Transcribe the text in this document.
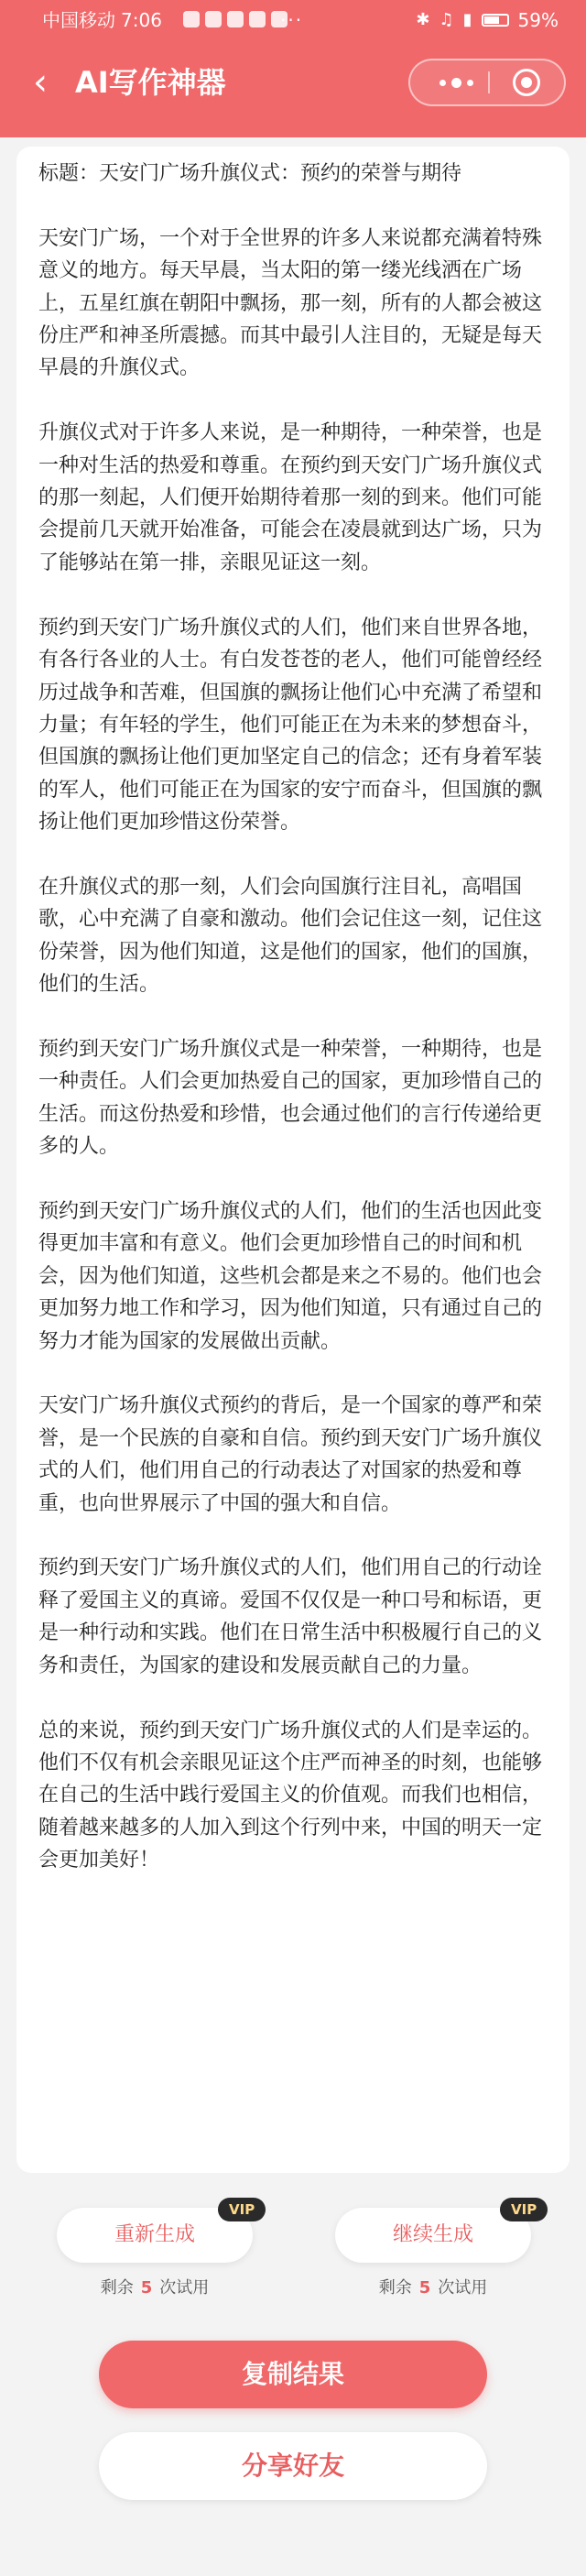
中国移动 7:06	···	✱ ♫ ▮	59%
‹ AI写作神器
标题：天安门广场升旗仪式：预约的荣誉与期待

天安门广场，一个对于全世界的许多人来说都充满着特殊意义的地方。每天早晨，当太阳的第一缕光线洒在广场上，五星红旗在朝阳中飘扬，那一刻，所有的人都会被这份庄严和神圣所震撼。而其中最引人注目的，无疑是每天早晨的升旗仪式。

升旗仪式对于许多人来说，是一种期待，一种荣誉，也是一种对生活的热爱和尊重。在预约到天安门广场升旗仪式的那一刻起，人们便开始期待着那一刻的到来。他们可能会提前几天就开始准备，可能会在凌晨就到达广场，只为了能够站在第一排，亲眼见证这一刻。

预约到天安门广场升旗仪式的人们，他们来自世界各地，有各行各业的人士。有白发苍苍的老人，他们可能曾经经历过战争和苦难，但国旗的飘扬让他们心中充满了希望和力量；有年轻的学生，他们可能正在为未来的梦想奋斗，但国旗的飘扬让他们更加坚定自己的信念；还有身着军装的军人，他们可能正在为国家的安宁而奋斗，但国旗的飘扬让他们更加珍惜这份荣誉。

在升旗仪式的那一刻，人们会向国旗行注目礼，高唱国歌，心中充满了自豪和激动。他们会记住这一刻，记住这份荣誉，因为他们知道，这是他们的国家，他们的国旗，他们的生活。

预约到天安门广场升旗仪式是一种荣誉，一种期待，也是一种责任。人们会更加热爱自己的国家，更加珍惜自己的生活。而这份热爱和珍惜，也会通过他们的言行传递给更多的人。

预约到天安门广场升旗仪式的人们，他们的生活也因此变得更加丰富和有意义。他们会更加珍惜自己的时间和机会，因为他们知道，这些机会都是来之不易的。他们也会更加努力地工作和学习，因为他们知道，只有通过自己的努力才能为国家的发展做出贡献。

天安门广场升旗仪式预约的背后，是一个国家的尊严和荣誉，是一个民族的自豪和自信。预约到天安门广场升旗仪式的人们，他们用自己的行动表达了对国家的热爱和尊重，也向世界展示了中国的强大和自信。

预约到天安门广场升旗仪式的人们，他们用自己的行动诠释了爱国主义的真谛。爱国不仅仅是一种口号和标语，更是一种行动和实践。他们在日常生活中积极履行自己的义务和责任，为国家的建设和发展贡献自己的力量。

总的来说，预约到天安门广场升旗仪式的人们是幸运的。他们不仅有机会亲眼见证这个庄严而神圣的时刻，也能够在自己的生活中践行爱国主义的价值观。而我们也相信，随着越来越多的人加入到这个行列中来，中国的明天一定会更加美好！
重新生成
VIP
剩余 5 次试用
继续生成
VIP
剩余 5 次试用
复制结果
分享好友
